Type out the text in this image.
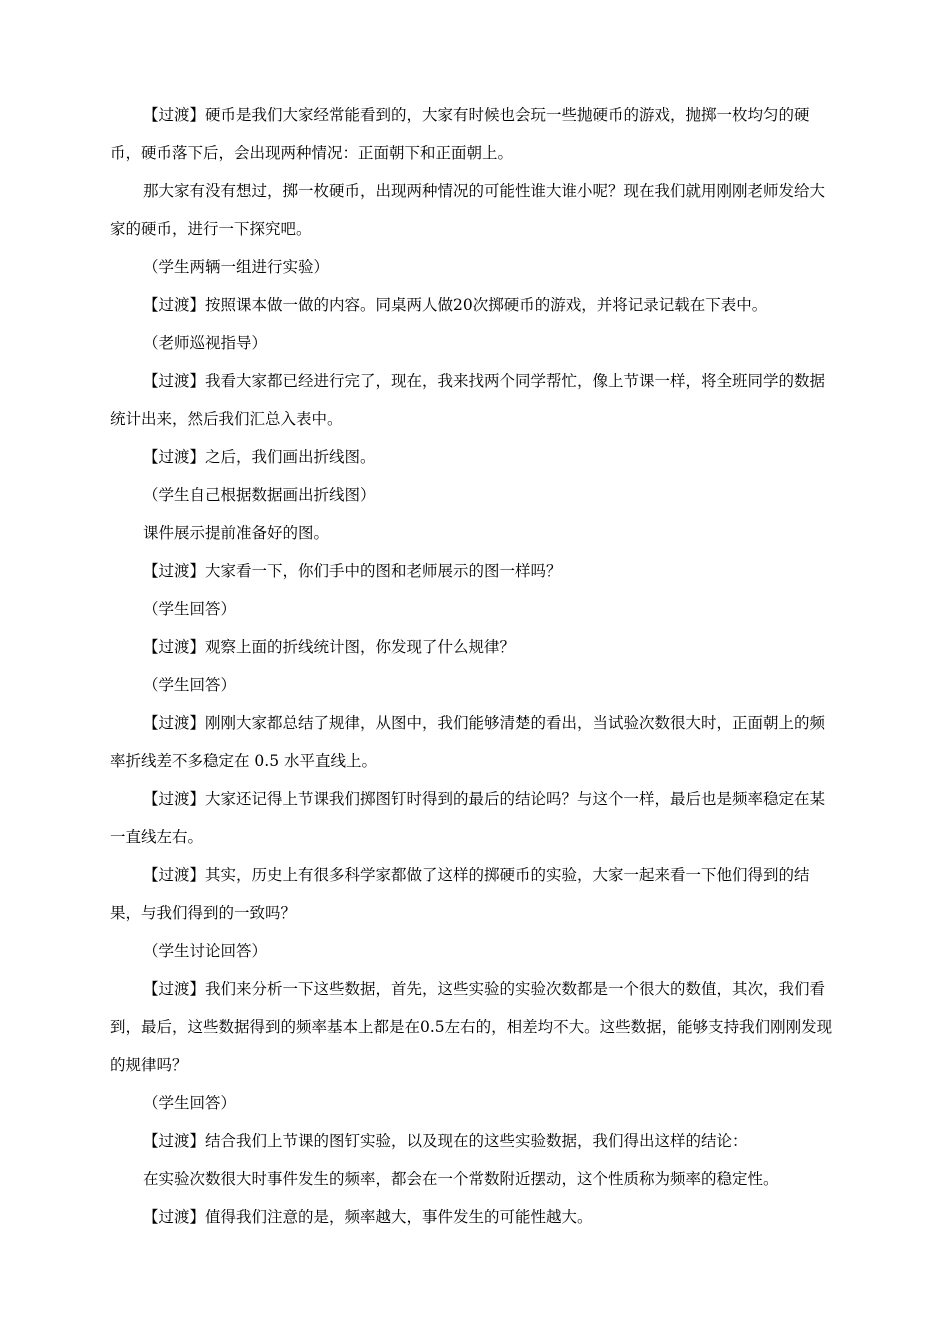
【过渡】硬币是我们大家经常能看到的，大家有时候也会玩一些抛硬币的游戏，抛掷一枚均匀的硬币，硬币落下后，会出现两种情况：正面朝下和正面朝上。

那大家有没有想过，掷一枚硬币，出现两种情况的可能性谁大谁小呢？现在我们就用刚刚老师发给大家的硬币，进行一下探究吧。

（学生两辆一组进行实验）

【过渡】按照课本做一做的内容。同桌两人做20次掷硬币的游戏，并将记录记载在下表中。

（老师巡视指导）

【过渡】我看大家都已经进行完了，现在，我来找两个同学帮忙，像上节课一样，将全班同学的数据统计出来，然后我们汇总入表中。

【过渡】之后，我们画出折线图。

（学生自己根据数据画出折线图）

课件展示提前准备好的图。

【过渡】大家看一下，你们手中的图和老师展示的图一样吗？

（学生回答）

【过渡】观察上面的折线统计图，你发现了什么规律？

（学生回答）

【过渡】刚刚大家都总结了规律，从图中，我们能够清楚的看出，当试验次数很大时，正面朝上的频率折线差不多稳定在 0.5 水平直线上。

【过渡】大家还记得上节课我们掷图钉时得到的最后的结论吗？与这个一样，最后也是频率稳定在某一直线左右。

【过渡】其实，历史上有很多科学家都做了这样的掷硬币的实验，大家一起来看一下他们得到的结果，与我们得到的一致吗？

（学生讨论回答）

【过渡】我们来分析一下这些数据，首先，这些实验的实验次数都是一个很大的数值，其次，我们看到，最后，这些数据得到的频率基本上都是在0.5左右的，相差均不大。这些数据，能够支持我们刚刚发现的规律吗？

（学生回答）

【过渡】结合我们上节课的图钉实验，以及现在的这些实验数据，我们得出这样的结论：

在实验次数很大时事件发生的频率，都会在一个常数附近摆动，这个性质称为频率的稳定性。

【过渡】值得我们注意的是，频率越大，事件发生的可能性越大。
